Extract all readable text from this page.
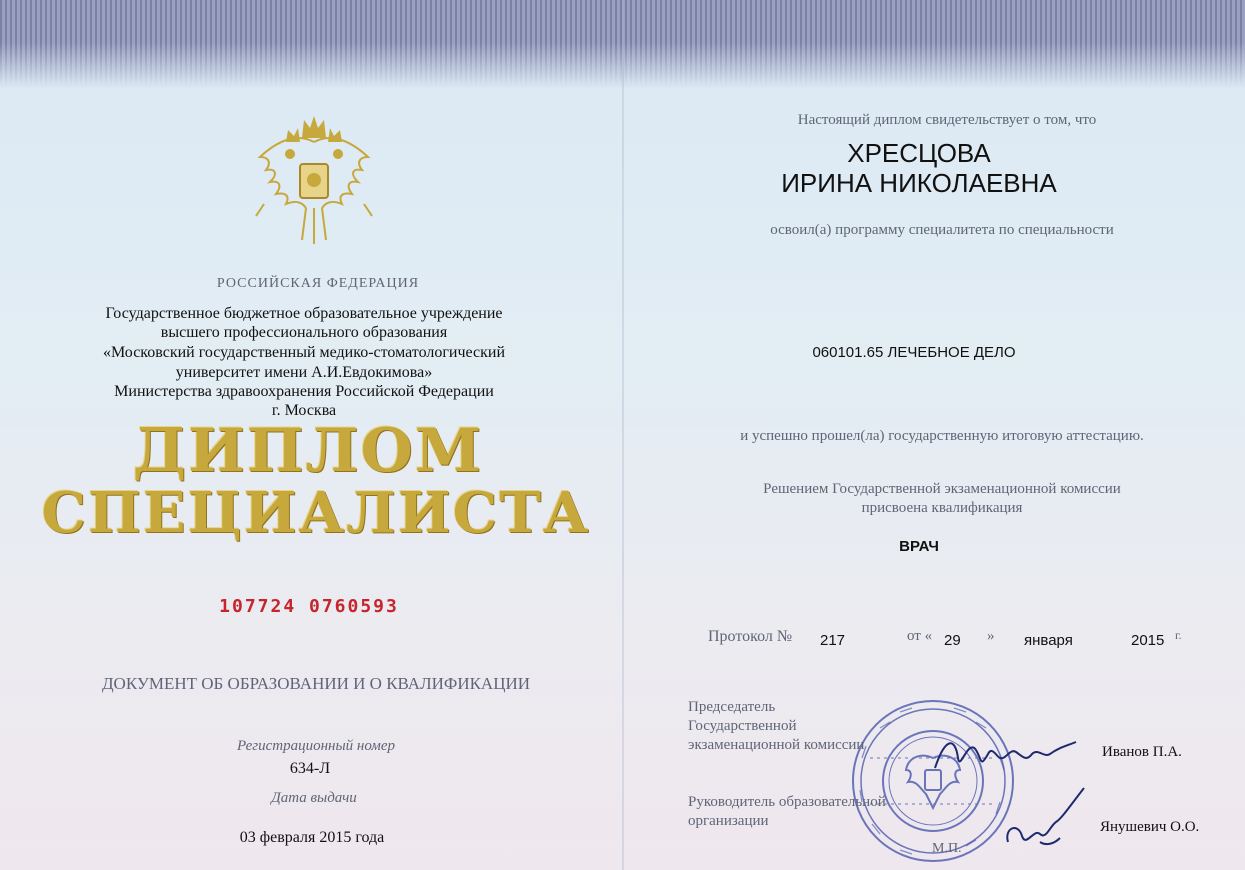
РОССИЙСКАЯ ФЕДЕРАЦИЯ

Государственное бюджетное образовательное учреждение

высшего профессионального образования

«Московский государственный медико-стоматологический

университет имени А.И.Евдокимова»

Министерства здравоохранения Российской Федерации

г. Москва

ДИПЛОМ

СПЕЦИАЛИСТА

107724 0760593

ДОКУМЕНТ ОБ ОБРАЗОВАНИИ И О КВАЛИФИКАЦИИ

Регистрационный номер

634-Л

Дата выдачи

03 февраля 2015 года

Настоящий диплом свидетельствует о том, что

ХРЕСЦОВА

ИРИНА НИКОЛАЕВНА

освоил(а) программу специалитета по специальности

060101.65 ЛЕЧЕБНОЕ ДЕЛО

и успешно прошел(ла) государственную итоговую аттестацию.

Решением Государственной экзаменационной комиссии

присвоена квалификация

ВРАЧ

Протокол № 217	от « 29 » января	2015 г.

Председатель

Государственной

экзаменационной комиссии	Иванов П.А.

Руководитель образовательной

организации	Янушевич О.О.

М.П.
